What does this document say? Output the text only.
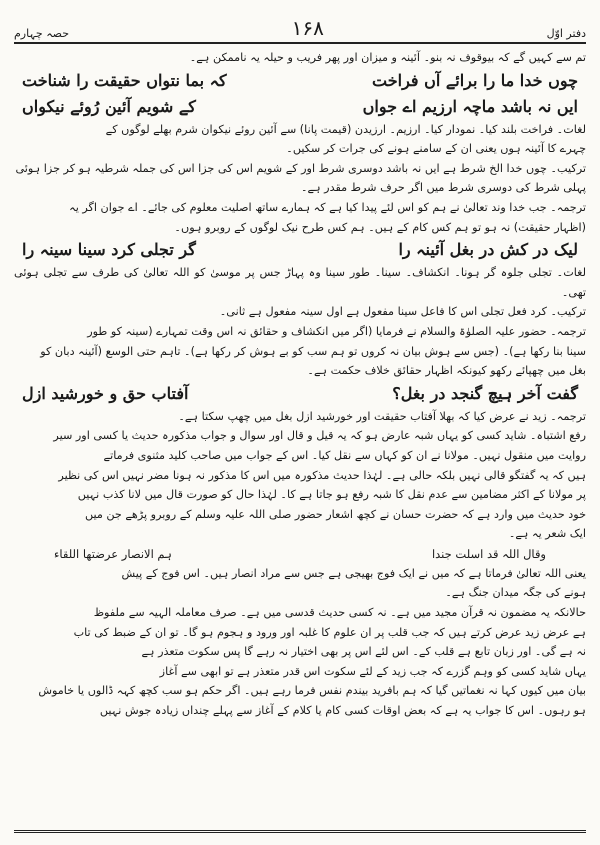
حصہ چہارم	۱۶۸	دفتر اوّل

تم سے کہیں گے کہ بیوقوف نہ بنو۔ آئینہ و میزان اور پھر فریب و حیلہ یہ ناممکن ہے۔

چوں خدا ما را برائے آں فراخت
کہ بما نتواں حقیقت را شناخت
ایں نہ باشد ماچہ ارزیم اے جواں
کے شویم آئین رُوئے نیکواں

لغات۔ فراخت بلند کیا۔ نمودار کیا۔ ارزیم۔ ارزیدن (قیمت پانا) سے آئین روئے نیکوان شرم بھلے لوگوں کے

چہرے کا آئینہ ہوں یعنی ان کے سامنے ہونے کی جرات کر سکیں۔

ترکیب۔ چوں خدا الخ شرط ہے ایں نہ باشد دوسری شرط اور کے شویم اس کی جزا اس کی جملہ شرطیہ ہو کر جزا ہوئی

پہلی شرط کی دوسری شرط میں اگر حرف شرط مقدر ہے۔

ترجمہ۔ جب خدا وند تعالیٰ نے ہم کو اس لئے پیدا کیا ہے کہ ہمارے ساتھ اصلیت معلوم کی جائے۔ اے جوان اگر یہ

(اظہار حقیقت) نہ ہو تو ہم کس کام کے ہیں۔ ہم کس طرح نیک لوگوں کے روبرو ہوں۔

لیک در کش در بغل آئینہ را
گر تجلی کرد سینا سینہ را

لغات۔ تجلی جلوہ گر ہونا۔ انکشاف۔ سینا۔ طور سینا وہ پہاڑ جس پر موسیٰ کو اللہ تعالیٰ کی طرف سے تجلی ہوئی تھی۔

ترکیب۔ کرد فعل تجلی اس کا فاعل سینا مفعول ہے اول سینہ مفعول ہے ثانی۔

ترجمہ۔ حضور علیہ الصلوٰۃ والسلام نے فرمایا (اگر میں انکشاف و حقائق نہ اس وقت تمہارے (سینہ کو طور

سینا بنا رکھا ہے)۔ (جس سے ہوش بیان نہ کروں تو ہم سب کو بے ہوش کر رکھا ہے)۔ تاہم حتی الوسع (آئینہ دبان کو

بغل میں چھپائے رکھو کیونکہ اظہار حقائق خلاف حکمت ہے۔

گفت آخر ہیچ گنجد در بغل؟
آفتاب حق و خورشید ازل

ترجمہ۔ زید نے عرض کیا کہ بھلا آفتاب حقیقت اور خورشید ازل بغل میں چھپ سکتا ہے۔

رفع اشتباہ۔ شاید کسی کو یہاں شبہ عارض ہو کہ یہ قیل و قال اور سوال و جواب مذکورہ حدیث یا کسی اور سیر

روایت میں منقول نہیں۔ مولانا نے ان کو کہاں سے نقل کیا۔ اس کے جواب میں صاحب کلید مثنوی فرماتے

ہیں کہ یہ گفتگو قالی نہیں بلکہ حالی ہے۔ لہٰذا حدیث مذکورہ میں اس کا مذکور نہ ہونا مضر نہیں اس کی نظیر

پر مولانا کے اکثر مضامین سے عدم نقل کا شبہ رفع ہو جاتا ہے کا۔ لہٰذا حال کو صورت قال میں لانا کذب نہیں

خود حدیث میں وارد ہے کہ حضرت حسان نے کچھ اشعار حضور صلی اللہ علیہ وسلم کے روبرو پڑھے جن میں

ایک شعر یہ ہے۔

وقال اللہ قد اسلت جندا
ہم الانصار عرضتھا اللقاء

یعنی اللہ تعالیٰ فرماتا ہے کہ میں نے ایک فوج بھیجی ہے جس سے مراد انصار ہیں۔ اس فوج کے پیش

ہونے کی جگہ میدان جنگ ہے۔

حالانکہ یہ مضمون نہ قرآن مجید میں ہے۔ نہ کسی حدیث قدسی میں ہے۔ صرف معاملہ الہیہ سے ملفوظ

ہے عرض زید عرض کرتے ہیں کہ جب قلب پر ان علوم کا غلبہ اور ورود و ہجوم ہو گا۔ تو ان کے ضبط کی تاب

نہ ہے گی۔ اور زبان تابع ہے قلب کے۔ اس لئے اس پر بھی اختیار نہ رہے گا پس سکوت متعذر ہے

یہاں شاید کسی کو وہم گزرے کہ جب زید کے لئے سکوت اس قدر متعذر ہے تو ابھی سے آغاز

بیان میں کیوں کہا نہ نغماتیں گیا کہ ہم بافرید بیندم نفس فرما رہے ہیں۔ اگر حکم ہو سب کچھ کہہ ڈالوں یا خاموش

ہو رہوں۔ اس کا جواب یہ ہے کہ بعض اوقات کسی کام یا کلام کے آغاز سے پہلے چنداں زیادہ جوش نہیں
